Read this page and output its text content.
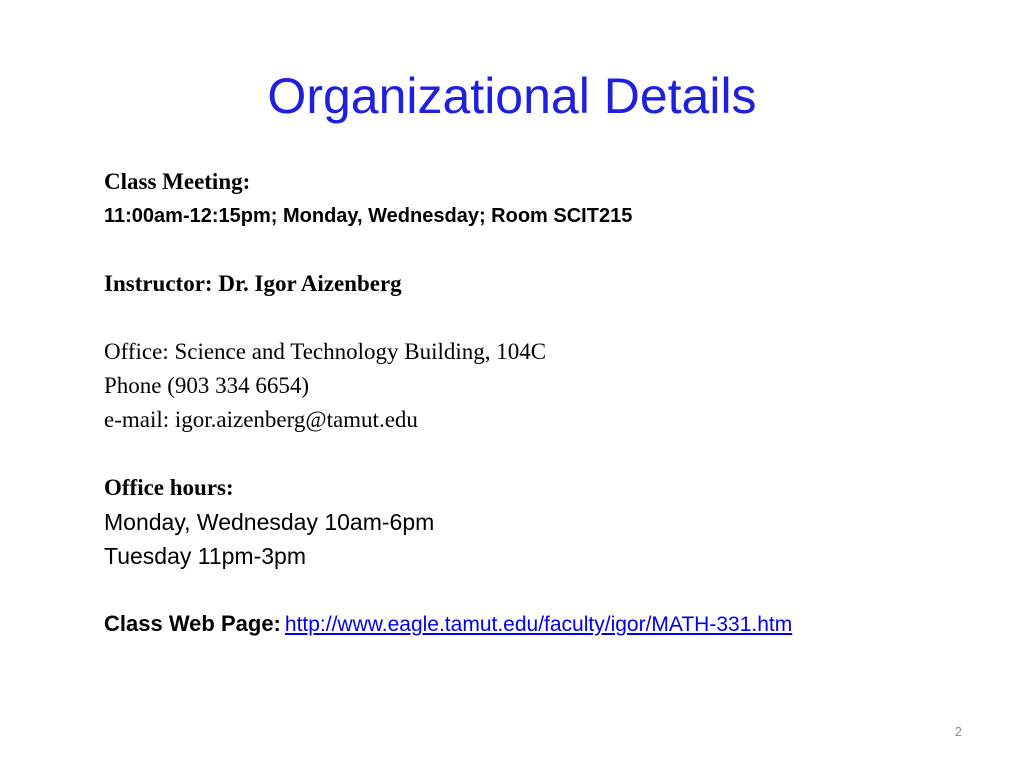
Organizational Details
Class Meeting:
11:00am-12:15pm; Monday, Wednesday; Room SCIT215
Instructor: Dr. Igor Aizenberg
Office: Science and Technology Building, 104C
Phone (903 334 6654)
e-mail: igor.aizenberg@tamut.edu
Office hours:
Monday, Wednesday 10am-6pm
Tuesday 11pm-3pm
Class Web Page: http://www.eagle.tamut.edu/faculty/igor/MATH-331.htm
2
